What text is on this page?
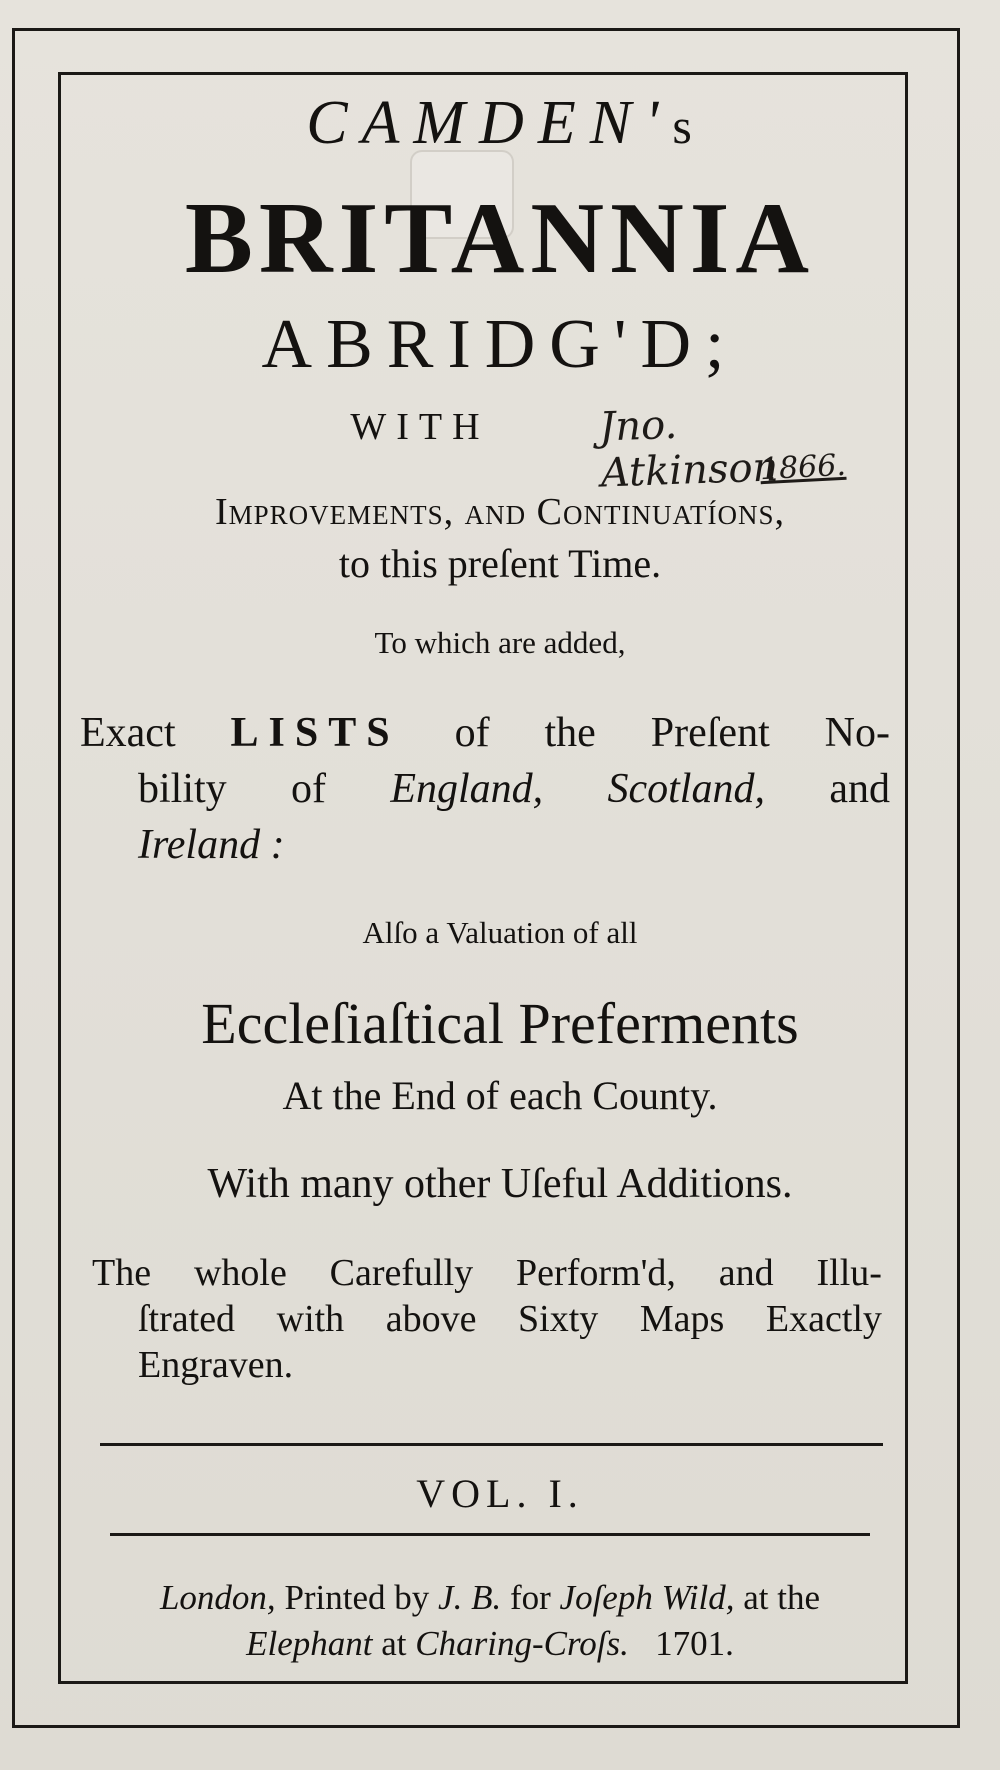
CAMDEN's
BRITANNIA
ABRIDG'D;
WITH	Jno. Atkinson
1866.
Improvements, and Continuatíons,
to this preſent Time.
To which are added,
Exact LISTS of the Preſent No-
bility of England, Scotland, and
Ireland :
Alſo a Valuation of all
Eccleſiaſtical Preferments
At the End of each County.
With many other Uſeful Additions.
The whole Carefully Perform'd, and Illu-
ſtrated with above Sixty Maps Exactly
Engraven.
VOL. I.
London, Printed by J. B. for Joſeph Wild, at the
Elephant at Charing-Croſs. 1701.
